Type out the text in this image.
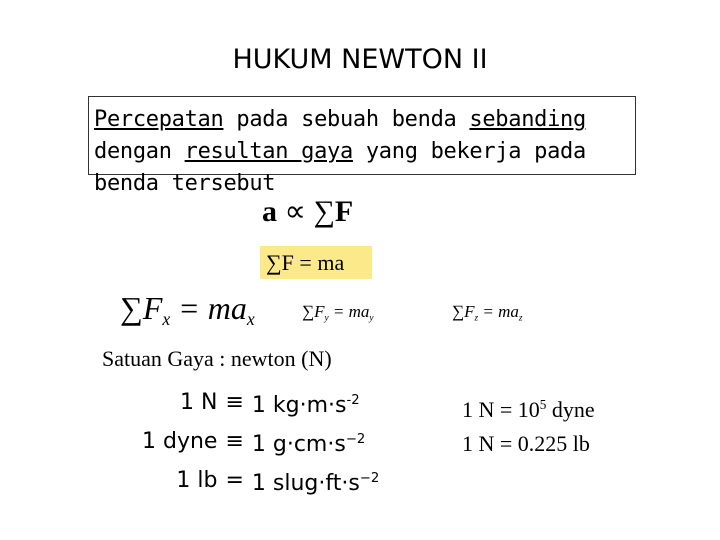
HUKUM NEWTON II
Percepatan pada sebuah benda sebanding dengan resultan gaya yang bekerja pada benda tersebut
a ∝ ∑F
∑F = ma
$\sum F_x = ma_x$	$\sum F_y = ma_y$	$\sum F_z = ma_z$
Satuan Gaya : newton (N)
1 N	≡	1 $kg\cdot m\cdot s^{-2}$
1 dyne	≡	1 $g\cdot cm\cdot s^{-2}$
1 lb	=	1 $slug\cdot ft\cdot s^{-2}$
1 $N = 10^5$ dyne
1 N = 0.225 lb
